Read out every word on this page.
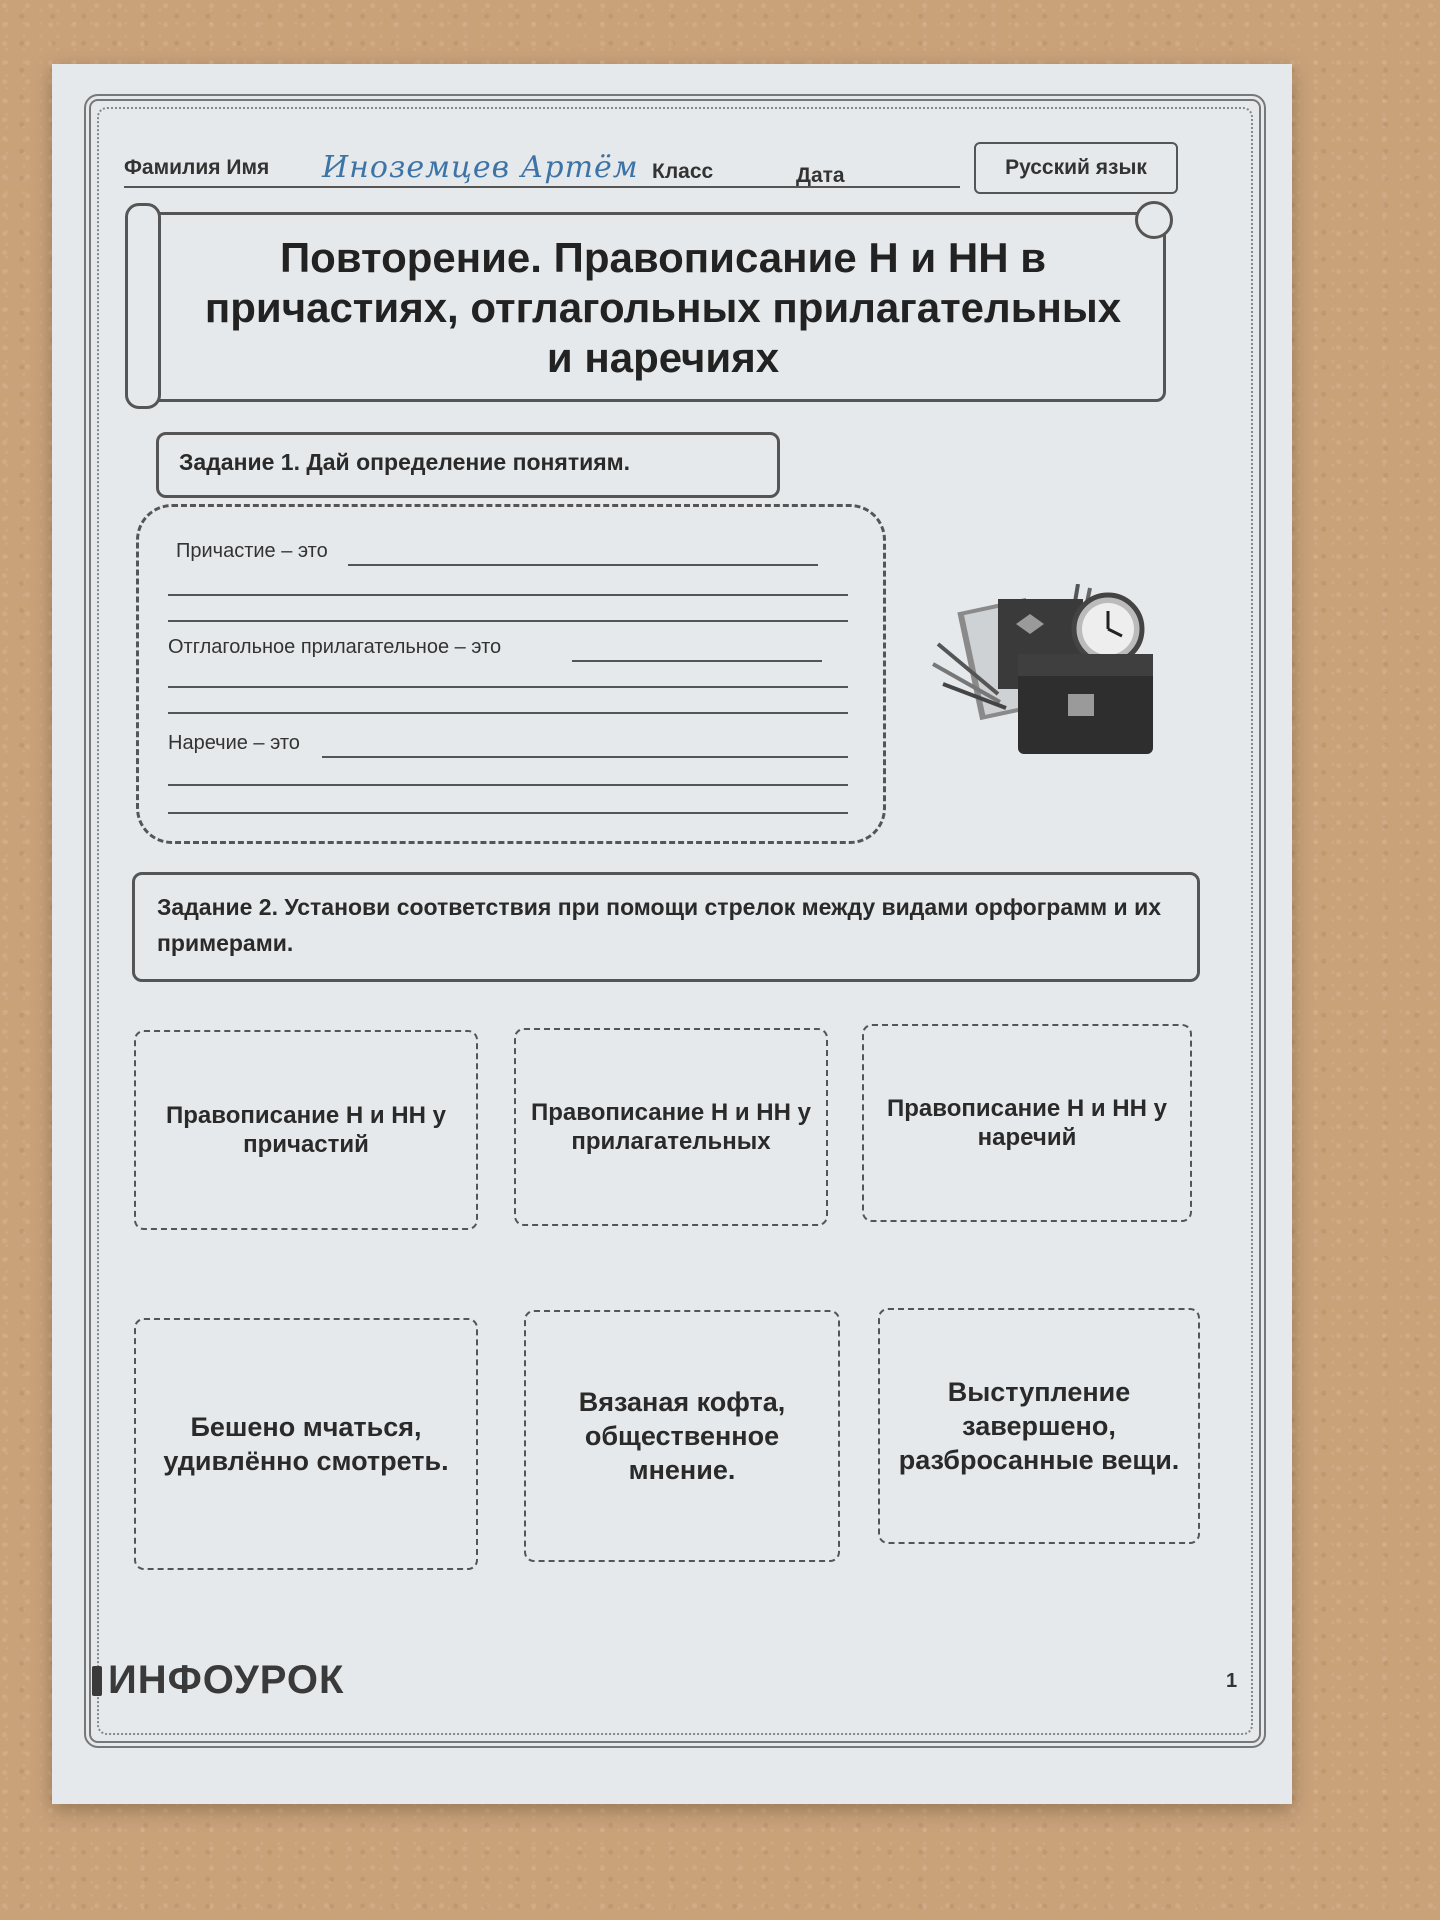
Фамилия Имя Иноземцев Артём Класс	Дата	Русский язык
Повторение. Правописание Н и НН в причастиях, отглагольных прилагательных и наречиях
Задание 1. Дай определение понятиям.
Причастие – это
Отглагольное прилагательное – это
Наречие – это
Задание 2. Установи соответствия при помощи стрелок между видами орфограмм и их примерами.
Правописание Н и НН у причастий
Правописание Н и НН у прилагательных
Правописание Н и НН у наречий
Бешено мчаться, удивлённо смотреть.
Вязаная кофта, общественное мнение.
Выступление завершено, разбросанные вещи.
ИНФОУРОК	1
